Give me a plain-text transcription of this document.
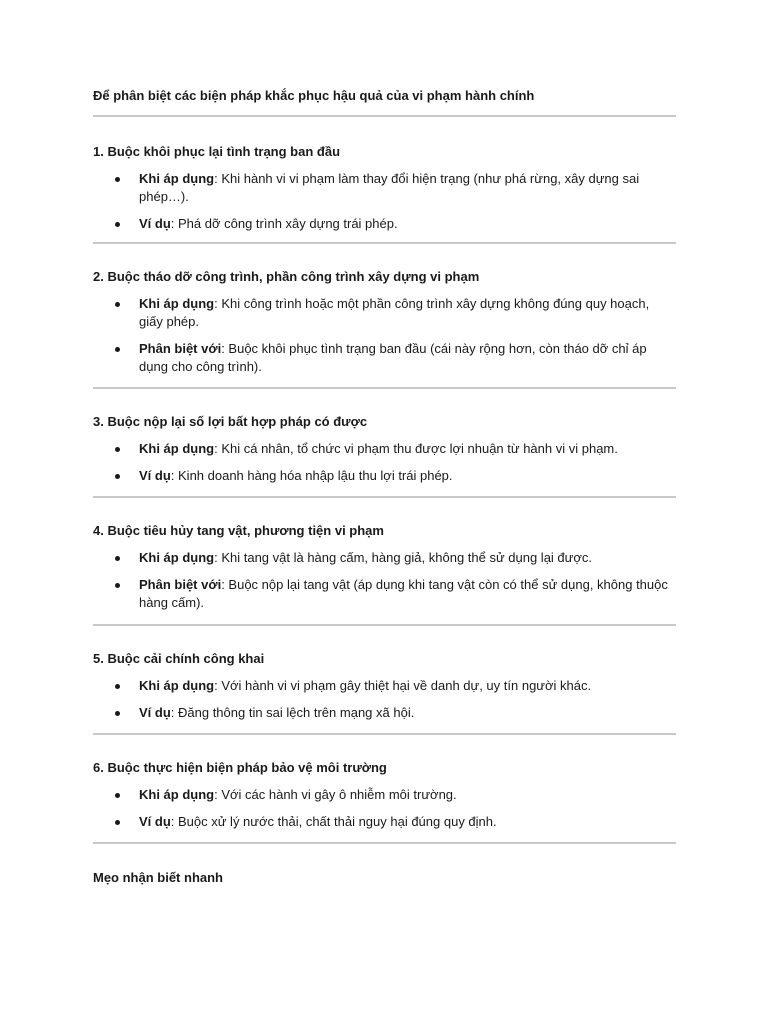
Để phân biệt các biện pháp khắc phục hậu quả của vi phạm hành chính
1. Buộc khôi phục lại tình trạng ban đầu
Khi áp dụng: Khi hành vi vi phạm làm thay đổi hiện trạng (như phá rừng, xây dựng sai phép…).
Ví dụ: Phá dỡ công trình xây dựng trái phép.
2. Buộc tháo dỡ công trình, phần công trình xây dựng vi phạm
Khi áp dụng: Khi công trình hoặc một phần công trình xây dựng không đúng quy hoạch, giấy phép.
Phân biệt với: Buộc khôi phục tình trạng ban đầu (cái này rộng hơn, còn tháo dỡ chỉ áp dụng cho công trình).
3. Buộc nộp lại số lợi bất hợp pháp có được
Khi áp dụng: Khi cá nhân, tổ chức vi phạm thu được lợi nhuận từ hành vi vi phạm.
Ví dụ: Kinh doanh hàng hóa nhập lậu thu lợi trái phép.
4. Buộc tiêu hủy tang vật, phương tiện vi phạm
Khi áp dụng: Khi tang vật là hàng cấm, hàng giả, không thể sử dụng lại được.
Phân biệt với: Buộc nộp lại tang vật (áp dụng khi tang vật còn có thể sử dụng, không thuộc hàng cấm).
5. Buộc cải chính công khai
Khi áp dụng: Với hành vi vi phạm gây thiệt hại về danh dự, uy tín người khác.
Ví dụ: Đăng thông tin sai lệch trên mạng xã hội.
6. Buộc thực hiện biện pháp bảo vệ môi trường
Khi áp dụng: Với các hành vi gây ô nhiễm môi trường.
Ví dụ: Buộc xử lý nước thải, chất thải nguy hại đúng quy định.
Mẹo nhận biết nhanh
